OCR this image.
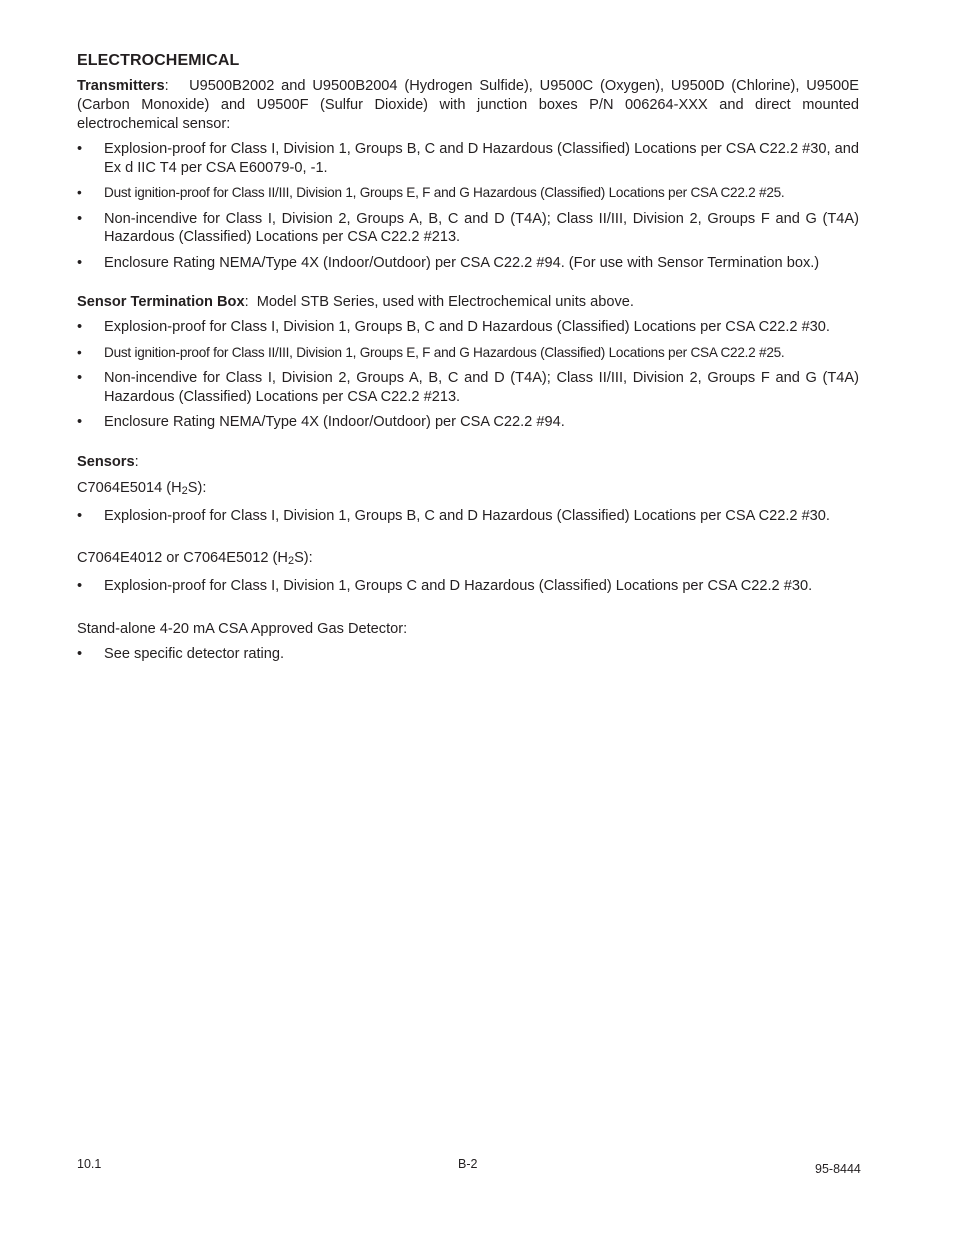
ELECTROCHEMICAL

Transmitters: U9500B2002 and U9500B2004 (Hydrogen Sulfide), U9500C (Oxygen), U9500D (Chlorine), U9500E (Carbon Monoxide) and U9500F (Sulfur Dioxide) with junction boxes P/N 006264-XXX and direct mounted electrochemical sensor:

• Explosion-proof for Class I, Division 1, Groups B, C and D Hazardous (Classified) Locations per CSA C22.2 #30, and Ex d IIC T4 per CSA E60079-0, -1.
• Dust ignition-proof for Class II/III, Division 1, Groups E, F and G Hazardous (Classified) Locations per CSA C22.2 #25.
• Non-incendive for Class I, Division 2, Groups A, B, C and D (T4A); Class II/III, Division 2, Groups F and G (T4A) Hazardous (Classified) Locations per CSA C22.2 #213.
• Enclosure Rating NEMA/Type 4X (Indoor/Outdoor) per CSA C22.2 #94. (For use with Sensor Termination box.)

Sensor Termination Box: Model STB Series, used with Electrochemical units above.

• Explosion-proof for Class I, Division 1, Groups B, C and D Hazardous (Classified) Locations per CSA C22.2 #30.
• Dust ignition-proof for Class II/III, Division 1, Groups E, F and G Hazardous (Classified) Locations per CSA C22.2 #25.
• Non-incendive for Class I, Division 2, Groups A, B, C and D (T4A); Class II/III, Division 2, Groups F and G (T4A) Hazardous (Classified) Locations per CSA C22.2 #213.
• Enclosure Rating NEMA/Type 4X (Indoor/Outdoor) per CSA C22.2 #94.

Sensors:

C7064E5014 $(H_2S)$:

• Explosion-proof for Class I, Division 1, Groups B, C and D Hazardous (Classified) Locations per CSA C22.2 #30.

C7064E4012 or C7064E5012 $(H_2S)$:

• Explosion-proof for Class I, Division 1, Groups C and D Hazardous (Classified) Locations per CSA C22.2 #30.

Stand-alone 4-20 mA CSA Approved Gas Detector:

• See specific detector rating.
10.1	B-2	95-8444
